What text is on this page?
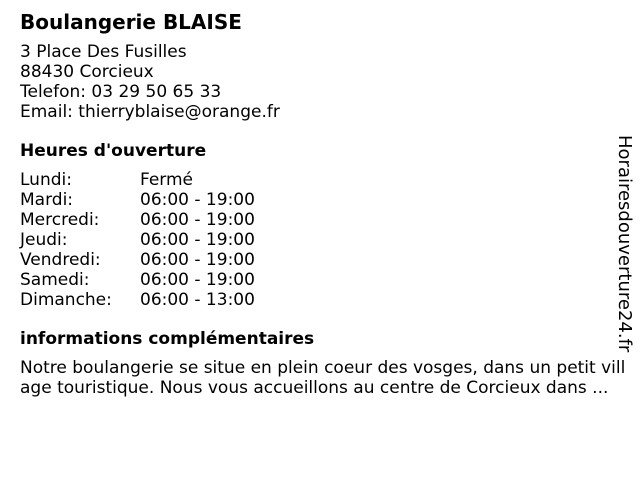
Boulangerie BLAISE
3 Place Des Fusilles
88430 Corcieux
Telefon: 03 29 50 65 33
Email: thierryblaise@orange.fr
Heures d'ouverture
Lundi:	Fermé
Mardi:	06:00 - 19:00
Mercredi:	06:00 - 19:00
Jeudi:	06:00 - 19:00
Vendredi:	06:00 - 19:00
Samedi:	06:00 - 19:00
Dimanche:	06:00 - 13:00
informations complémentaires
Notre boulangerie se situe en plein coeur des vosges, dans un petit village touristique. Nous vous accueillons au centre de Corcieux dans ...
Horairesdouverture24.fr
